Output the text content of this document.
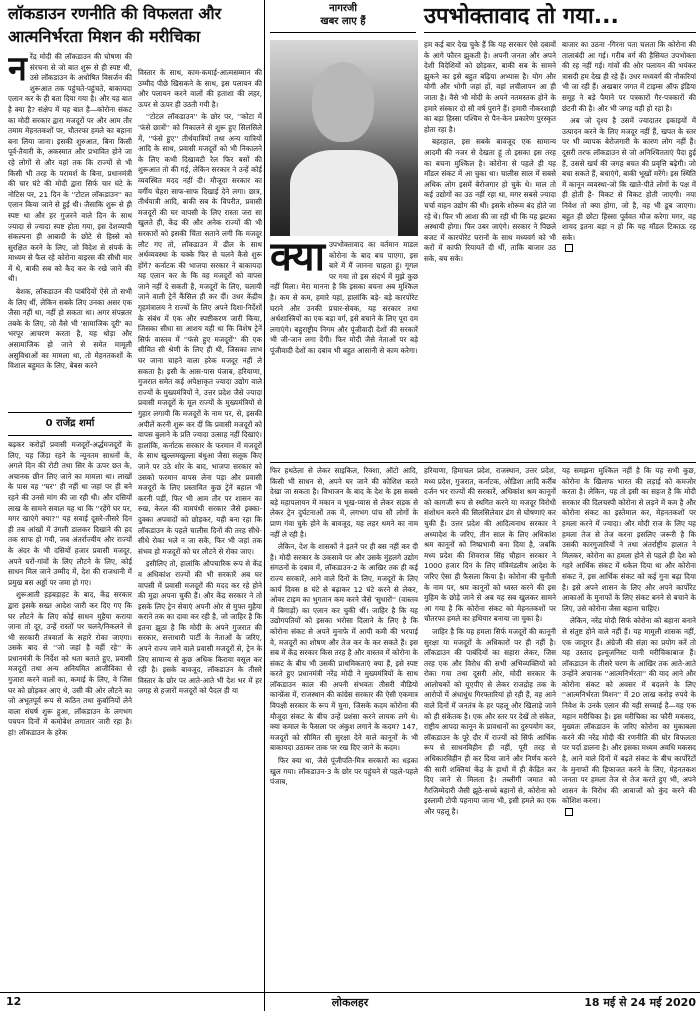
लॉकडाउन रणनीति की विफलता और आत्मनिर्भरता मिशन की मरीचिका
नागरजी
खबर लाए हैं	उपभोक्तावाद तो गया...
नरेंद्र मोदी की लॉकडाउन की घोषणा की संरचना से जो बात शुरू से ही स्पष्ट थी, उसे लॉकडाउन के अधोषित विसर्जन की शुरूआत तक पहुंचते-पहुंचते, बाकायदा एलान कर के ही बता दिया गया है। और यह बात है क्या है? संक्षेप में यह बात है—कोरोना संकट का मोदी सरकार द्वारा मजदूरों पर और आम तौर तमाम मेहनतकशों पर, चौतरफा हमले का बहाना बना लिया जाना। इसकी शुरुआत, बिना किसी पूर्व-तैयारी के, अकस्मात और प्रभावित होने जा रहे लोगों से और यहां तक कि राज्यों से भी किसी भी तरह के परामर्श के बिना, प्रधानमंत्री की चार घंटे की मोदी द्वारा सिर्फ चार घंटे के नोटिस पर, 21 दिन के ''टोटल लॉकडाउन'' का एलान किया जाने से हुई थी। जैसाकि शुरू से ही स्पष्ट था और हर गुजरने वाले दिन के साथ ज्यादा से ज्यादा स्पष्ट होता गया, इस देशव्यापी संकल्पना ही आबादी के छोटे से हिस्से को सुरक्षित करने के लिए, जो विदेश से संपर्क के माध्यम से फैल रहे कोरोना वाइरस की सीधी मार में थे, बाकी सब को कैद कर के रखे जाने की थी।

बेशक, लॉकडाउन की पाबंदियों ऐसे तो सभी के लिए थीं, लेकिन सबके लिए उनका असर एक जैसा नहीं था, नहीं हो सकता था। अगर संपन्नतर तबके के लिए, जो वैसे भी 'सामाजिक दूरी' का भरपूर आचरण करता है, यह थोड़ा और असामाजिक हो जाने से समेत मामूली असुविधाओं का मामला था, तो मेहनतकशों के विशाल बहुमत के लिए, बेबस करने

0 राजेंद्र शर्मा
बढ़कर करोड़ों प्रवासी मजदूरों-अर्द्धमजदूरों के लिए, यह जिंदा रहने के न्यूनतम साधनों के, अगले दिन की रोटी तथा सिर के ऊपर छत के, अचानक छीन लिए जाने का मामला था। लाखों के पास वह ''घर'' ही नहीं था जहां पर ही बने रहने की उनसे मांग की जा रही थी। और दसियों लाख के सामने सवाल यह था कि ''रहेंगे घर पर, मगर खाएंगे क्या?'' यह सवाई दूसरे-तीसरे दिन ही तब आंखों में उंगली डालकर दिखाने की हद तक साफ हो गयी, जब अंतर्राज्यीय और राज्यों के अंदर के भी दसियों हजार प्रवासी मजदूर, अपने घरों-गांवों के लिए लौटने के लिए, कोई साधन मिल जाने उम्मीद में, देश की राजधानी में प्रमुख बस अड्डों पर जमा हो गए।

शुरूआती हड़बड़ाहट के बाद, केंद्र सरकार द्वारा इसके सख्त आदेश जारी कर दिए गए कि घर लौटने के लिए कोई साधन मुहैया कराया जाना तो दूर, उन्हें रास्तों पर चलने/निकलने से भी सरकारी तंत्रवार्ता के सहारे रोका जाएगा। उसके बाद से ''जो जहां है वहीं रहे'' के प्रधानमंत्री के निर्देश को थता बताते हुए, प्रवासी मजदूरों तथा अन्य अनियमित आजीविका से गुजारा करने वालों का, कमाई के लिए, वे जिस घर को छोड़कर आए थे, उसी की ओर लौटने का जो अभूतपूर्व रूप से कठिन तथा कुर्बानियों लेने वाला संघर्ष शुरू हुआ, लॉकडाउन के लगभग पचपन दिनों में कमोबेश लगातार जारी रहा है। हां! लॉकडाउन के हरेक

विस्तार के साथ, काम-कमाई-आत्मसम्मान की उम्मीद पीछे खिसकने के साथ, इस पलायन की और पलायन करने वालों की हताशा की लहर, ऊपर से ऊपर ही उठती गयी है।

''टोटल लॉकडाउन'' के छोर पर, ''कोटा में 'फंसे छात्रों'' को निकालने से शुरू हुए सिलसिले में, ''फंसे हुए'' तीर्थयात्रियों तथा अन्य यात्रियों आदि के साथ, प्रवासी मजदूरों को भी निकालने के लिए कभी दिखावटी रेल फिर बसों की शुरूआत तो की गई, लेकिन सरकार ने उन्हें कोई व्यवस्थित मदद नहीं दी। मौजूदा सरकार का वर्गीय चेहरा साफ-साफ दिखाई देने लगा। छात्र, तीर्थयात्री आदि, बाकी सब के विपरीत, प्रवासी मजदूरों की घर वापसी के लिए रास्ता जरा सा खुलते ही, केंद्र की और अनेक राज्यों की भी सरकारों को इसकी चिंता सताने लगी कि मजदूर लौट गए तो, लॉकडाउन में ढील के साथ अर्थव्यवस्था के चक्के फिर से चलने कैसे शुरू होंगे? कर्नाटक की भाजपा सरकार ने बाकायदा यह एलान कर के कि वह मजदूरों को वापस जाने नहीं दे सकती है, मजदूरों के लिए, चलायी जाने वाली ट्रेनें कैंसिल ही कर दीं। उधर केंद्रीय गृहमंत्रालय ने राज्यों के लिए अपने दिशा-निर्देशों के संबंध में एक और स्पष्टीकरण जारी किया, जिसका सीधा सा आशय यही था कि विशेष ट्रेनें सिर्फ वास्तव में ''फंसे हुए मजदूरों'' की एक सीमित सी श्रेणी के लिए ही थी, जिसका लाभ घर जाना चाहने वाला हरेक मजदूर नहीं ले सकता है। इसी के आस-पास पंजाब, हरियाणा, गुजरात समेत कई अपेक्षाकृत ज्यादा उद्योग वाले राज्यों के मुख्यमंत्रियों ने, उत्तर प्रदेश जैसे ज्यादा प्रवासी मजदूरों के मूल राज्यों के मुख्यमंत्रियों से गुहार लगायी कि मजदूरों के नाम पर, से, इसकी अपीलें करनी शुरू कर दीं कि प्रवासी मजदूरों को वापस बुलाने के प्रति ज्यादा उत्साह नहीं दिखाएं। हालांकि, कर्नाटक सरकार के फरमान में मजदूरों के साथ खुल्लमखुल्ला बंधुआ जैसा सलूक किए जाने पर उठे शोर के बाद, भाजपा सरकार को उसको फरमान वापस लेना पड़ा और प्रवासी मजदूरों के लिए प्रस्तावित कुछ ट्रेनें बहाल भी करनी पड़ीं, फिर भी आम तौर पर शासन का रुख, केरल की वामपंथी सरकार जैसे इक्का-दुक्का अपवादों को छोड़कर, यही बना रहा कि लॉकडाउन के पहले चालीस दिनों की तरह सीधे-सीधे रोका भले न जा सके, फिर भी जहां तक संभव हो मजदूरों को घर लौटने से रोका जाए।

इसीलिए तो, हालांकि औपचारिक रूप से केंद्र व अधिकांश राज्यों की भी सरकारें अब घर वापसी में प्रवासी मजदूरों की मदद कर रहे होने की मुद्रा अपना चुकी हैं। और केंद्र सरकार ने तो इसके लिए ट्रेन सेवाएं अपनी ओर से मुफ्त मुहैया कराने तक का दावा कर रही है, जो जाहिर है कि इतना झूठा है कि मोदी के अपने गुजरात की सरकार, सत्ताधारी पार्टी के नेताओं के जरिए, अपने राज्य जाने वाले प्रवासी मजदूरों से, ट्रेन के लिए सामान्य से कुछ अधिक किराया वसूल कर रही है। इसके बावजूद, लॉकडाउन के तीसरे विस्तार के छोर पर आते-आते भी देश भर में हर जगह से हजारों मजदूरों को पैदल ही या

क्या उपभोक्तावाद का वर्तमान माडल कोरोना के बाद बच पाएगा, इस बारे में मैं जानना चाहता हूं। गूगल पर गया तो इस संदर्भ में मुझे कुछ नहीं मिला। मेरा मानना है कि इसका बचना अब मुश्किल है। कम से कम, हमारे यहां, हालांकि बड़े- बड़े कारपोरेट घराने और उनकी प्रचार-सेवक, यह सरकार तथा अर्थशास्त्रियों का एक बड़ा वर्ग, इसे बचाने के लिए पूरा दम लगाएंगे। बहुराष्ट्रीय निगम और पूंजीवादी देशों की सरकारें भी जी-जान लगा देंगी। फिर मोदी जैसे नेताओं पर बड़े पूंजीवादी देशों का दबाव भी बहुत आसानी से काम करेगा।
हम कई बार देख चुके हैं कि यह सरकार ऐसे दबावों के आगे फौरन झुकती है। अपनी जनता और अपने देशी विदेशियों को छोड़कर, बाकी सब के सामने झुकने का इसे बहुत बढ़िया अभ्यास है। योग और योगी और भोगी जहां हों, वहां लचीलापन आ ही जाता है। वैसे भी मोदी के अपने नतमस्तक होने के हमारे संस्कार दो सौ वर्ष पुराने हैं। हमारी नौकरशाही का बड़ा हिस्सा पश्चिम से पैन-केन प्रकारेण पुरस्कृत होता रहा है।

बहरहाल, इस सबके बावजूद एक सामान्य आदमी की नजर से देखता हूं तो इसका इस तरह का बचना मुश्किल है। कोरोना से पहले ही यह मॉडल संकट में आ चुका था। चालीस साल में सबसे अधिक लोग इसमें बेरोजगार हो चुके थे। माल तो कई उद्योगों का उठ नहीं रहा था, मगर सबसे ज्यादा चर्चा वाहन उद्योग की थी। इसके शोरूम बंद होते जा रहे थे। फिर भी आशा की जा रही थी कि यह झटका अस्थायी होगा। फिर उबर जाएंगे। सरकार ने पिछले बजट में कारपोरेट घरानों के साथ मध्यवर्ग को भी करों में काफी रियायतें दी थीं, ताकि बाजार उठ सके, बच सके।

बाजार का उठना -गिरना पता चलता कि कोरोना की तालाबंदी आ गई। गरीब वर्ग की हैसियत उपभोक्ता की रह नहीं गई। गांवों की ओर पलायन की भयंकर त्रासदी हम देख ही रहे हैं। उधर मध्यवर्ग की नौकरियां भी जा रही हैं। अखबार जगत में टाइम्स ऑफ इंडिया समूह ने बड़े पैमाने पर पत्रकारों गैर-पत्रकारों की छंटनी की है। और भी जगह यही हो रहा है।

अब जो दृश्य है उसमें ज्यादातर इकाइयों में उत्पादन करने के लिए मजदूर नहीं हैं, खपत के स्तर पर भी व्यापक बेरोजगारी के कारण लोग नहीं हैं। दूसरी तरफ लॉकडाउन से जो अनिश्चितताएं पैदा हुई हैं, उससे खर्च की जगह बचत की प्रवृत्ति बढ़ेगी। जो बचा सकते हैं, बचाएंगे, बाकी भूखों मरेंगे। इस स्थिति में कानून व्यवस्था-जो कि खाते-पीते लोगों के पक्ष में ही होती है- विकट से विकट होती जाएगी। नया निवेश तो क्या होगा, जो है, वह भी डूब जाएगा। बहुत ही छोटा हिस्सा पूर्ववत मौज करेगा मगर, वह शायद इतना बड़ा न हो कि यह मॉडल टिकाऊ रह सके।

फिर हथठेला से लेकर साइकिल, रिक्शा, ऑटो आदि, किसी भी साधन से, अपने घर जाने की कोशिश करते देखा जा सकता है। विभाजन के बाद के देश के इस सबसे बड़े महापलायन में मकान व भूख-प्यास से लेकर सड़क से लेकर ट्रेन दुर्घटनाओं तक में, लगभग पांच सौ लोगों के प्राण गंवा चुके होने के बावजूद, यह लहर थमने का नाम नहीं ले रही है।

लेकिन, देश के शासकों ने इतने पर ही बस नहीं कर दी है। मोदी सरकार के उकसावे पर और उसके मुंहलगे उद्योग संगठनों के दबाव में, लॉकडाउन-2 के आखिर तक ही कई राज्य सरकारें, आने वाले दिनों के लिए, मजदूरों के लिए कार्य दिवस 8 घंटे से बढ़ाकर 12 घंटे करने से लेकर, ओवर टाइम का भुगतान कम करने जैसे 'सुधारों'' (वास्तव में बिगाड़ों) का एलान कर चुकी थीं। जाहिर है कि यह उद्योगपतियों को इसका भरोसा दिलाने के लिए है कि कोरोना संकट से अपने मुनाफे में आयी कमी की भरपाई वे, मजदूरों का शोषण और तेज कर के कर सकते हैं। इस सब में केंद्र सरकार किस तरह है और वास्तव में कोरोना के संकट के बीच भी उसकी प्राथमिकताएं क्या हैं, इसे स्पष्ट करते हुए प्रधानमंत्री नरेंद्र मोदी ने मुख्यमंत्रियों के साथ लॉकडाउन काल की अपनी संभवतः तीसरी वीडियो कान्फ्रेंस में, राजस्थान की कांग्रेस सरकार की ऐसी एकमात्र विपक्षी सरकार के रूप में चुना, जिसके कदम कोरोना की मौजूदा संकट के बीच उन्हें प्रशंसा करने लायक लगे थे। क्या कमाल के फैसला पर अंकुश लगाने के कदम? 147, मजदूरों को सीमित सी सुरक्षा देने वाले कानूनों के भी बाकायदा उठाकर ताक पर रख दिए जाने के कदम।

फिर क्या था, जैसे पूंजीपति-मित्र सरकारों का धड़का खुल गया। लॉकडाउन-3 के छोर पर पहुंचने से पहले-पहले पंजाब,

हरियाणा, हिमाचल प्रदेश, राजस्थान, उत्तर प्रदेश, मध्य प्रदेश, गुजरात, कर्नाटक, ओडिशा आदि कर्रीब दर्जन भर राज्यों की सरकारें, अधिकांश श्रम कानूनों को कागजी रूप से स्थगित करने या मजदूर विरोधी संशोधन करने की सिलसिलेवार ढंग से घोषणाएं कर चुकी हैं। उत्तर प्रदेश की आदित्यनाथ सरकार ने अध्यादेश के जरिए, तीन साल के लिए अधिकांश श्रम कानूनों को निष्प्रभावी बना दिया है, जबकि मध्य प्रदेश की शिवराज सिंह चौहान सरकार ने 1000 हजार दिन के लिए मंत्रिमंडलीय आदेश के जरिए ऐसा ही फैसला किया है। कोरोना की चुनौती के नाम पर, श्रम कानूनों को ध्वस्त करने की इस मुहिम के छोड़े जाने से अब यह सब खुलकर सामने आ गया है कि कोरोना संकट को मेहनतकशों पर चौतरफा हमले का हथियार बनाया जा चुका है।

जाहिर है कि यह हमला सिर्फ मजदूरों की कानूनी सुरक्षा या मजदूरों के अधिकारों पर ही नहीं है। लॉकडाउन की पाबंदियों का सहारा लेकर, जिस तरह एक और विरोध की सभी अभिव्यक्तियों को रोका गया तथा दूसरी ओर, मोदी सरकार के आलोचकों को यूएपीए से लेकर राजद्रोह तक के आरोपों में अंधाधुंध गिरफ्तारियां हो रही हैं, वह आने वाले दिनों में जनतंत्र के हर पहलू और खिलाड़े जाने को ही संकेतक है। एक और स्तर पर देखें तो संकेत, राष्ट्रीय आपदा कानून के प्रावधानों का दुरुपयोग कर, लॉकडाउन के पूरे दौर में राज्यों को सिर्फ आर्थिक रूप से साधनविहीन ही नहीं, पूरी तरह से अधिकारविहीन ही कर दिया जाने और निर्णय करने की सारी शक्तियां केंद्र के हाथों में ही केंद्रित कर दिए जाने से मिलता है। तब्लीगी जमात को गैरजिम्मेदारी जैसी झूठे-सच्चे बहानों से, कोरोना को इस्लामी टोपी पहनाया जाना भी, इसी हमले का एक और पहलू है।

यह समझना मुश्किल नहीं है कि यह सभी कुछ, कोरोना के खिलाफ भारत की लड़ाई को कमजोर करता है। लेकिन, यह तो इसी का सहज है कि मोदी सरकार की दिलचस्पी कोरोना से लड़ने में कम है और कोरोना संकट का इस्तेमाल कर, मेहनतकशों पर हमला करने में ज्यादा। और मोदी राज के लिए यह हमला तेज से तेज करना इसलिए जरूरी है कि उसकी कारगुजारियों ने तथा अंतर्राष्ट्रीय हालात ने मिलकर, कोरोना का हमला होने से पहले ही देश को गहरे आर्थिक संकट में धकेल दिया था और कोरोना संकट ने, इस आर्थिक संकट को कई गुना बढ़ा दिया है। इसे अपने शासन के लिए और अपने कार्पोरेट आकाओं के मुनाफों के लिए संकट बनने से बचाने के लिए, उसे कोरोना जैसा बहाना चाहिए।

लेकिन, नरेंद्र मोदी सिर्फ कोरोना को बहाना बनाने से संतुष्ट होने वाले नहीं हैं। यह मामूली शासक नहीं, एक जादूगर हैं। अंग्रेजी की संज्ञा का प्रयोग करें तो यह उस्ताद इल्यूजनिस्ट यानी मरीचिकाबाज हैं। लॉकडाउन के तीसरे चरण के आखिर तक आते-आते उन्होंने अचानक ''आत्मनिर्भरता'' की याद आने और कोरोना संकट को अवसर में बदलने के लिए ''आत्मनिर्भरता मिशन'' में 20 लाख करोड़ रुपये के निवेश के उनके एलान की यही सच्चाई है—यह एक महान मरीचिका है। इस मरीचिका का फौरी मकसद, मुख्यतः लॉकडाउन के जरिए कोरोना का मुकाबला करने की नरेंद्र मोदी की रणनीति की घोर विफलता पर पर्दा डालना है। और इसका मध्यम अवधि मकसद है, आने वाले दिनों में बढ़ते संकट के बीच कार्पोरेटों के मुनाफों की हिफाजत करने के लिए, मेहनतकश जनता पर हमला तेज से तेज करते हुए भी, अपने शासन के विरोध की आवाजों को कुंद करने की कोशिश करना।

12	लोकलहर	18 मई से 24 मई 2020
